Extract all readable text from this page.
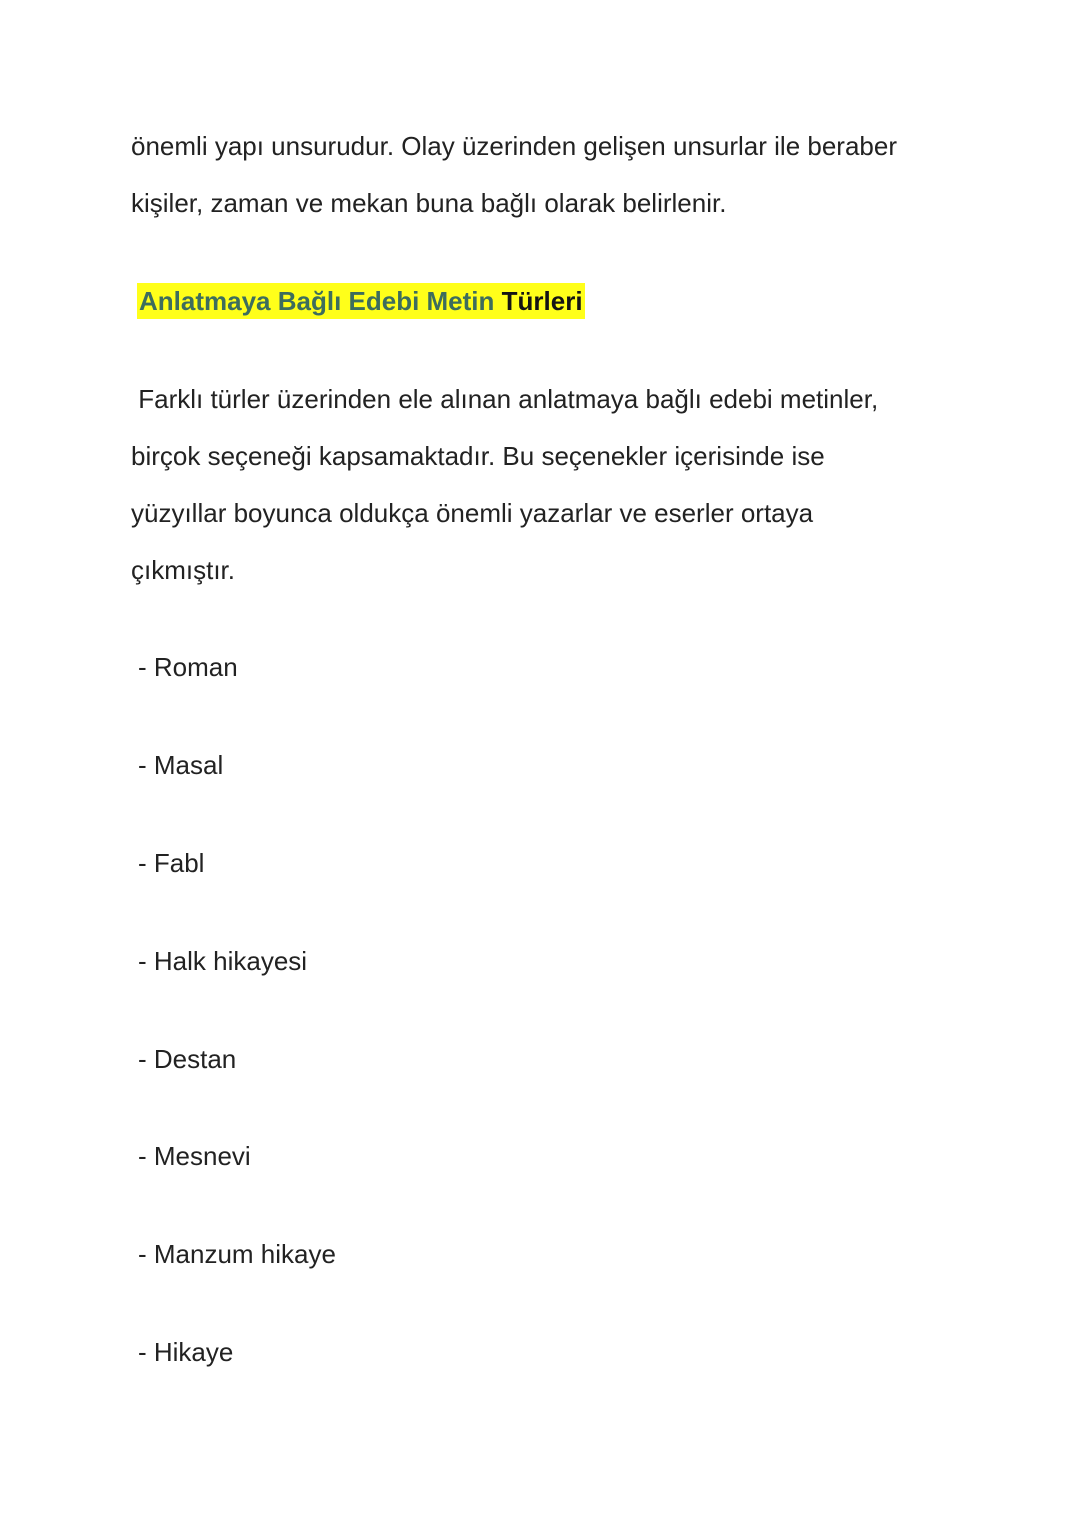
önemli yapı unsurudur. Olay üzerinden gelişen unsurlar ile beraber
kişiler, zaman ve mekan buna bağlı olarak belirlenir.
Anlatmaya Bağlı Edebi Metin Türleri
Farklı türler üzerinden ele alınan anlatmaya bağlı edebi metinler,
birçok seçeneği kapsamaktadır. Bu seçenekler içerisinde ise
yüzyıllar boyunca oldukça önemli yazarlar ve eserler ortaya
çıkmıştır.
- Roman
- Masal
- Fabl
- Halk hikayesi
- Destan
- Mesnevi
- Manzum hikaye
- Hikaye
